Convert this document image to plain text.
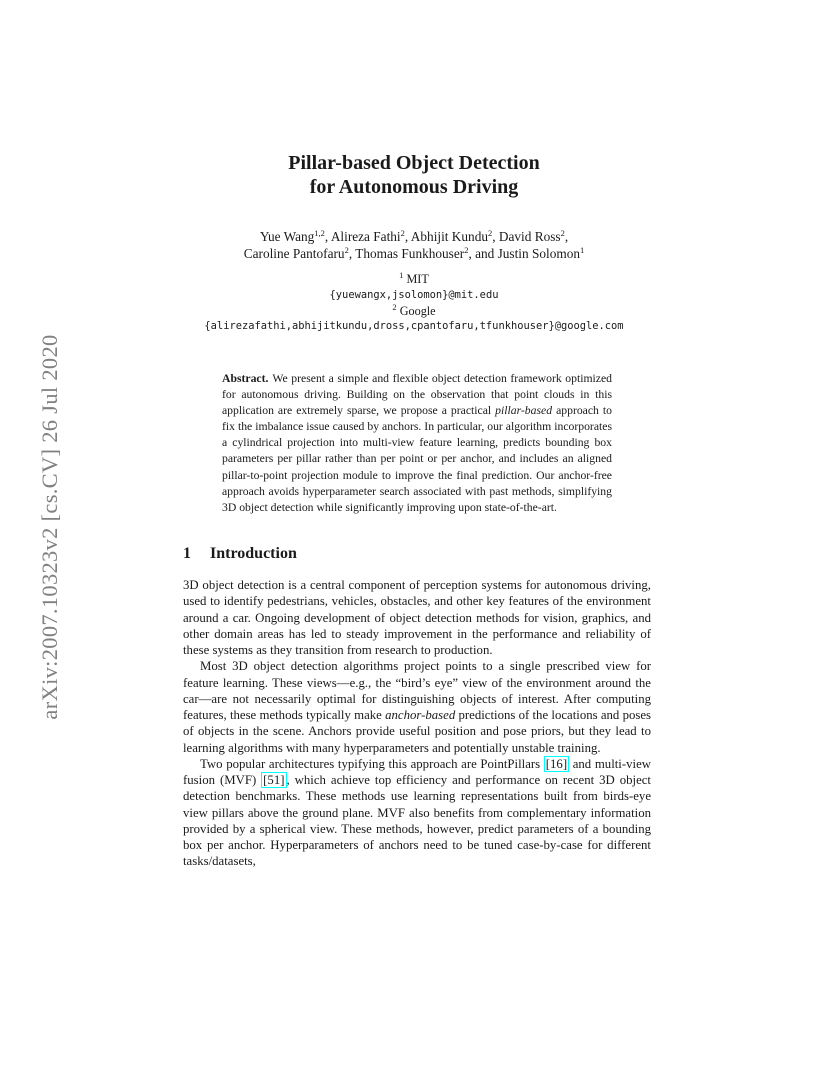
arXiv:2007.10323v2 [cs.CV] 26 Jul 2020
Pillar-based Object Detection
for Autonomous Driving
Yue Wang$^{1,2}$, Alireza Fathi$^2$, Abhijit Kundu$^2$, David Ross$^2$,
Caroline Pantofaru$^2$, Thomas Funkhouser$^2$, and Justin Solomon$^1$
$^1$ MIT
{yuewangx,jsolomon}@mit.edu
$^2$ Google
{alirezafathi,abhijitkundu,dross,cpantofaru,tfunkhouser}@google.com

Abstract. We present a simple and flexible object detection framework optimized for autonomous driving. Building on the observation that point clouds in this application are extremely sparse, we propose a practical pillar-based approach to fix the imbalance issue caused by anchors. In particular, our algorithm incorporates a cylindrical projection into multi-view feature learning, predicts bounding box parameters per pillar rather than per point or per anchor, and includes an aligned pillar-to-point projection module to improve the final prediction. Our anchor-free approach avoids hyperparameter search associated with past methods, simplifying 3D object detection while significantly improving upon state-of-the-art.

1 Introduction

3D object detection is a central component of perception systems for autonomous driving, used to identify pedestrians, vehicles, obstacles, and other key features of the environment around a car. Ongoing development of object detection methods for vision, graphics, and other domain areas has led to steady improvement in the performance and reliability of these systems as they transition from research to production.

Most 3D object detection algorithms project points to a single prescribed view for feature learning. These views—e.g., the “bird’s eye” view of the environment around the car—are not necessarily optimal for distinguishing objects of interest. After computing features, these methods typically make anchor-based predictions of the locations and poses of objects in the scene. Anchors provide useful position and pose priors, but they lead to learning algorithms with many hyperparameters and potentially unstable training.

Two popular architectures typifying this approach are PointPillars [16] and multi-view fusion (MVF) [51] , which achieve top efficiency and performance on recent 3D object detection benchmarks. These methods use learning representations built from birds-eye view pillars above the ground plane. MVF also benefits from complementary information provided by a spherical view. These methods, however, predict parameters of a bounding box per anchor. Hyperparameters of anchors need to be tuned case-by-case for different tasks/datasets,
